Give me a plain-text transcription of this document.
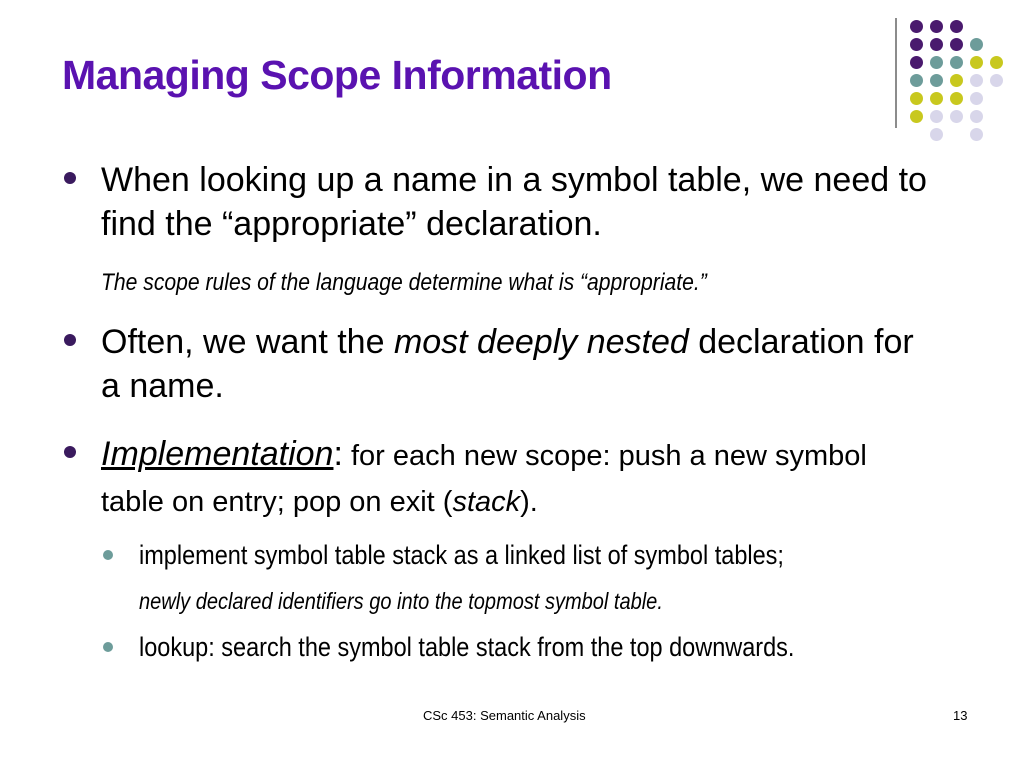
Managing Scope Information
When looking up a name in a symbol table, we need to find the “appropriate” declaration.
The scope rules of the language determine what is “appropriate.”
Often, we want the most deeply nested declaration for a name.
Implementation: for each new scope: push a new symbol table on entry; pop on exit (stack).
implement symbol table stack as a linked list of symbol tables;
newly declared identifiers go into the topmost symbol table.
lookup: search the symbol table stack from the top downwards.
CSc 453: Semantic Analysis	13
